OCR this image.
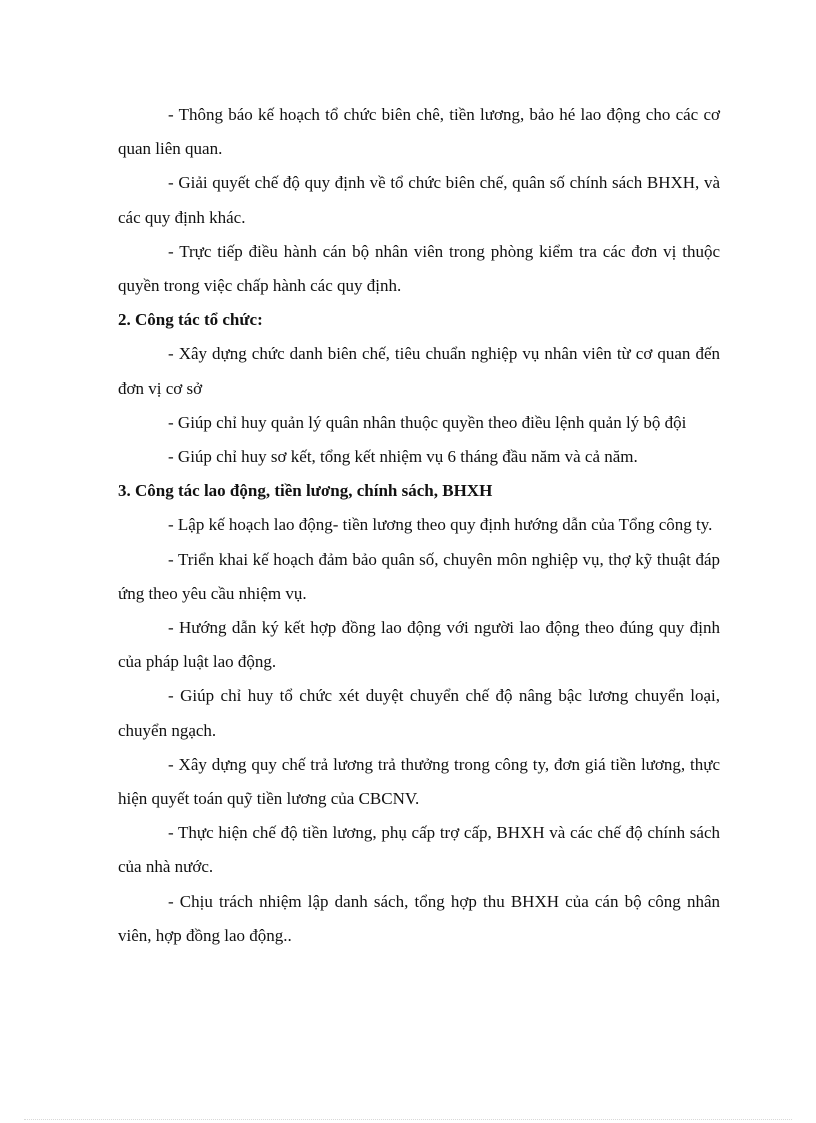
- Thông báo kế hoạch tổ chức biên chê, tiền lương, bảo hé lao động cho các cơ quan liên quan.

- Giải quyết chế độ quy định về tổ chức biên chế, quân số chính sách BHXH, và các quy định khác.

- Trực tiếp điều hành cán bộ nhân viên trong phòng kiểm tra các đơn vị thuộc quyền trong việc chấp hành các quy định.

2. Công tác tổ chức:

- Xây dựng chức danh biên chế, tiêu chuẩn nghiệp vụ nhân viên từ cơ quan đến đơn vị cơ sở

- Giúp chỉ huy quản lý quân nhân thuộc quyền theo điều lệnh quản lý bộ đội

- Giúp chỉ huy sơ kết, tổng kết nhiệm vụ 6 tháng đầu năm và cả năm.

3. Công tác lao động, tiền lương, chính sách, BHXH

- Lập kế hoạch lao động- tiền lương theo quy định hướng dẫn của Tổng công ty.

- Triển khai kế hoạch đảm bảo quân số, chuyên môn nghiệp vụ, thợ kỹ thuật đáp ứng theo yêu cầu nhiệm vụ.

- Hướng dẫn ký kết hợp đồng lao động với người lao động theo đúng quy định của pháp luật lao động.

- Giúp chỉ huy tổ chức xét duyệt chuyển chế độ nâng bậc lương chuyển loại, chuyển ngạch.

- Xây dựng quy chế trả lương trả thưởng trong công ty, đơn giá tiền lương, thực hiện quyết toán quỹ tiền lương của CBCNV.

- Thực hiện chế độ tiền lương, phụ cấp trợ cấp, BHXH và các chế độ chính sách của nhà nước.

- Chịu trách nhiệm lập danh sách, tổng hợp thu BHXH của cán bộ công nhân viên, hợp đồng lao động..
